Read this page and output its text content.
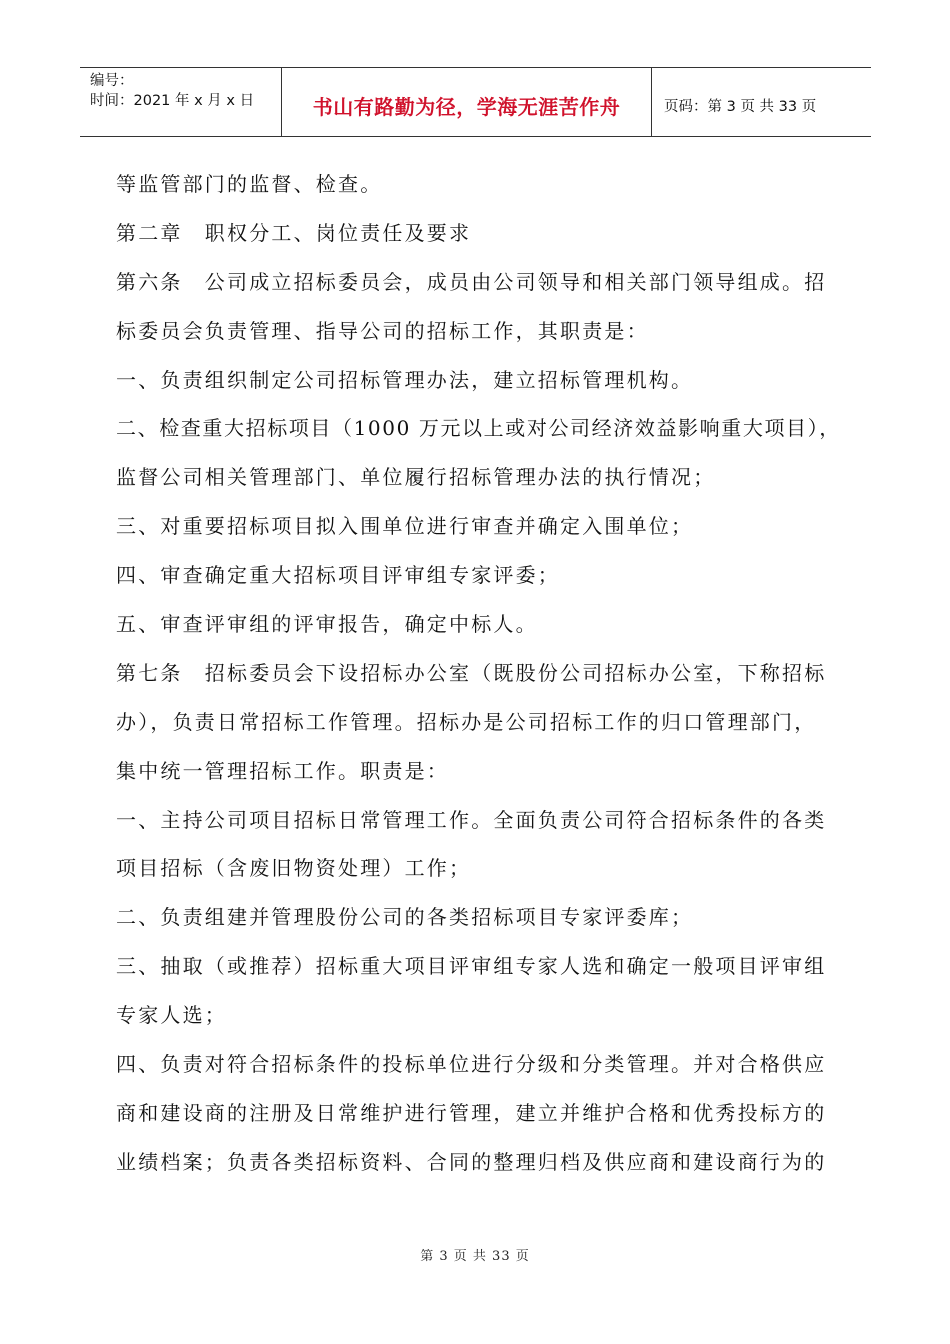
编号：
时间：2021 年 x 月 x 日	书山有路勤为径，学海无涯苦作舟	页码：第 3 页 共 33 页
等监管部门的监督、检查。
第二章　职权分工、岗位责任及要求
第六条　公司成立招标委员会，成员由公司领导和相关部门领导组成。招
标委员会负责管理、指导公司的招标工作，其职责是：
一、负责组织制定公司招标管理办法，建立招标管理机构。
二、检查重大招标项目（1000 万元以上或对公司经济效益影响重大项目），
监督公司相关管理部门、单位履行招标管理办法的执行情况；
三、对重要招标项目拟入围单位进行审查并确定入围单位；
四、审查确定重大招标项目评审组专家评委；
五、审查评审组的评审报告，确定中标人。
第七条　招标委员会下设招标办公室（既股份公司招标办公室，下称招标
办），负责日常招标工作管理。招标办是公司招标工作的归口管理部门，
集中统一管理招标工作。职责是：
一、主持公司项目招标日常管理工作。全面负责公司符合招标条件的各类
项目招标（含废旧物资处理）工作；
二、负责组建并管理股份公司的各类招标项目专家评委库；
三、抽取（或推荐）招标重大项目评审组专家人选和确定一般项目评审组
专家人选；
四、负责对符合招标条件的投标单位进行分级和分类管理。并对合格供应
商和建设商的注册及日常维护进行管理，建立并维护合格和优秀投标方的
业绩档案；负责各类招标资料、合同的整理归档及供应商和建设商行为的
第 3 页 共 33 页
